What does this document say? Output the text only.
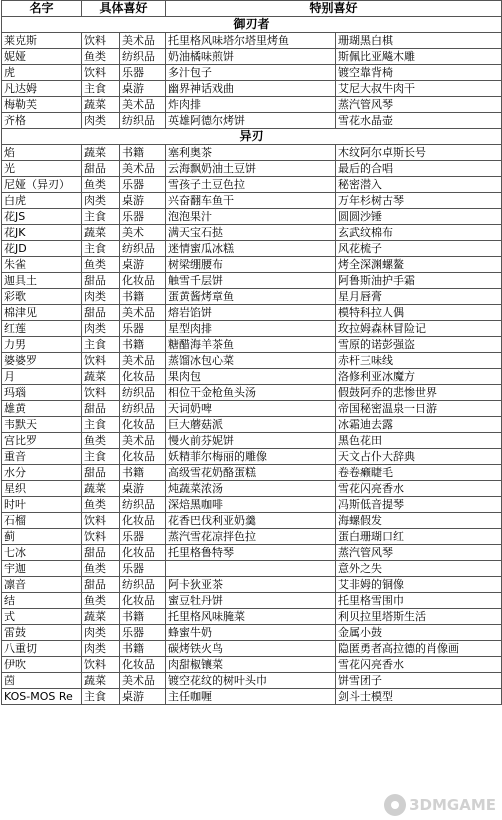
名字	具体喜好		特别喜好	
御刃者				
莱克斯	饮料	美术品	托里格风味塔尔塔里烤鱼	珊瑚黑白棋
妮娅	鱼类	纺织品	奶油橘味煎饼	斯佩比亚飚木雕
虎	饮料	乐器	多汁包子	镀空靠背椅
凡达姆	主食	桌游	幽界神话戏曲	艾尼大叔牛肉干
梅勒芙	蔬菜	美术品	炸肉排	蒸汽管风琴
齐格	肉类	纺织品	英雄阿德尔烤饼	雪花水晶壶
异刃				
焰	蔬菜	书籍	塞利奥茶	木纹阿尔卓斯长号
光	甜品	美术品	云海飘奶油土豆饼	最后的合唱
尼娅（异刃）	鱼类	乐器	雪孩子土豆色拉	秘密潜入
白虎	肉类	桌游	兴奋翻车鱼干	万年杉树古琴
花JS	主食	乐器	泡泡果汁	圆圆沙锤
花JK	蔬菜	美术	满天宝石挞	玄武纹棉布
花JD	主食	纺织品	迷情蜜瓜冰糕	风花梳子
朱雀	鱼类	桌游	树梁绷腰布	烤全深渊螺鳌
迦具土	甜品	化妆品	触雪千层饼	阿鲁斯油护手霜
彩歌	肉类	书籍	蛋黄酱烤章鱼	星月唇膏
棉津见	甜品	美术品	熔岩馅饼	模特科拉人偶
红莲	肉类	乐器	星型肉排	玫拉姆森林冒险记
力男	主食	书籍	糖醋海羊茶鱼	雪原的诺彭强盗
婆婆罗	饮料	美术品	蒸馏冰包心菜	赤杆三味线
月	蔬菜	化妆品	果肉包	洛修利亚冰魔方
玛瑙	饮料	纺织品	相位干金枪鱼头汤	假鼓阿乔的悲惨世界
雄黄	甜品	纺织品	天词奶啤	帝国秘密温泉一日游
韦默天	主食	化妆品	巨大蘑菇派	冰霜迪去露
宫比罗	鱼类	美术品	慢火前芬妮饼	黑色花田
重音	主食	化妆品	妖精菲尔梅丽的雕像	天文占仆大辞典
水分	甜品	书籍	高级雪花奶酪蛋糕	卷卷癞睫毛
星织	蔬菜	桌游	炖蔬菜浓汤	雪花闪亮香水
时叶	鱼类	纺织品	深焙黑咖啡	冯斯低音提琴
石榴	饮料	化妆品	花香巴伐利亚奶羹	海螺假发
蓟	饮料	乐器	蒸汽雪花凉拌色拉	蛋白珊瑚口红
七冰	甜品	化妆品	托里格鲁特琴	蒸汽管风琴
宇迦	鱼类	乐器		意外之失
凛音	甜品	纺织品	阿卡狄亚茶	艾非姆的铜像
结	鱼类	化妆品	蜜豆牡丹饼	托里格雪围巾
式	蔬菜	书籍	托里格风味腌菜	利贝拉里塔斯生活
雷鼓	肉类	乐器	蜂蜜牛奶	金属小鼓
八重切	肉类	书籍	碳烤铁火鸟	隐匿勇者高拉德的肖像画
伊吹	饮料	化妆品	肉甜椒镶菜	雪花闪亮香水
茵	蔬菜	美术品	镀空花纹的树叶头巾	饼雪团子
KOS-MOS Re	主食	桌游	主任咖喱	剑斗士模型
3DMGAME
